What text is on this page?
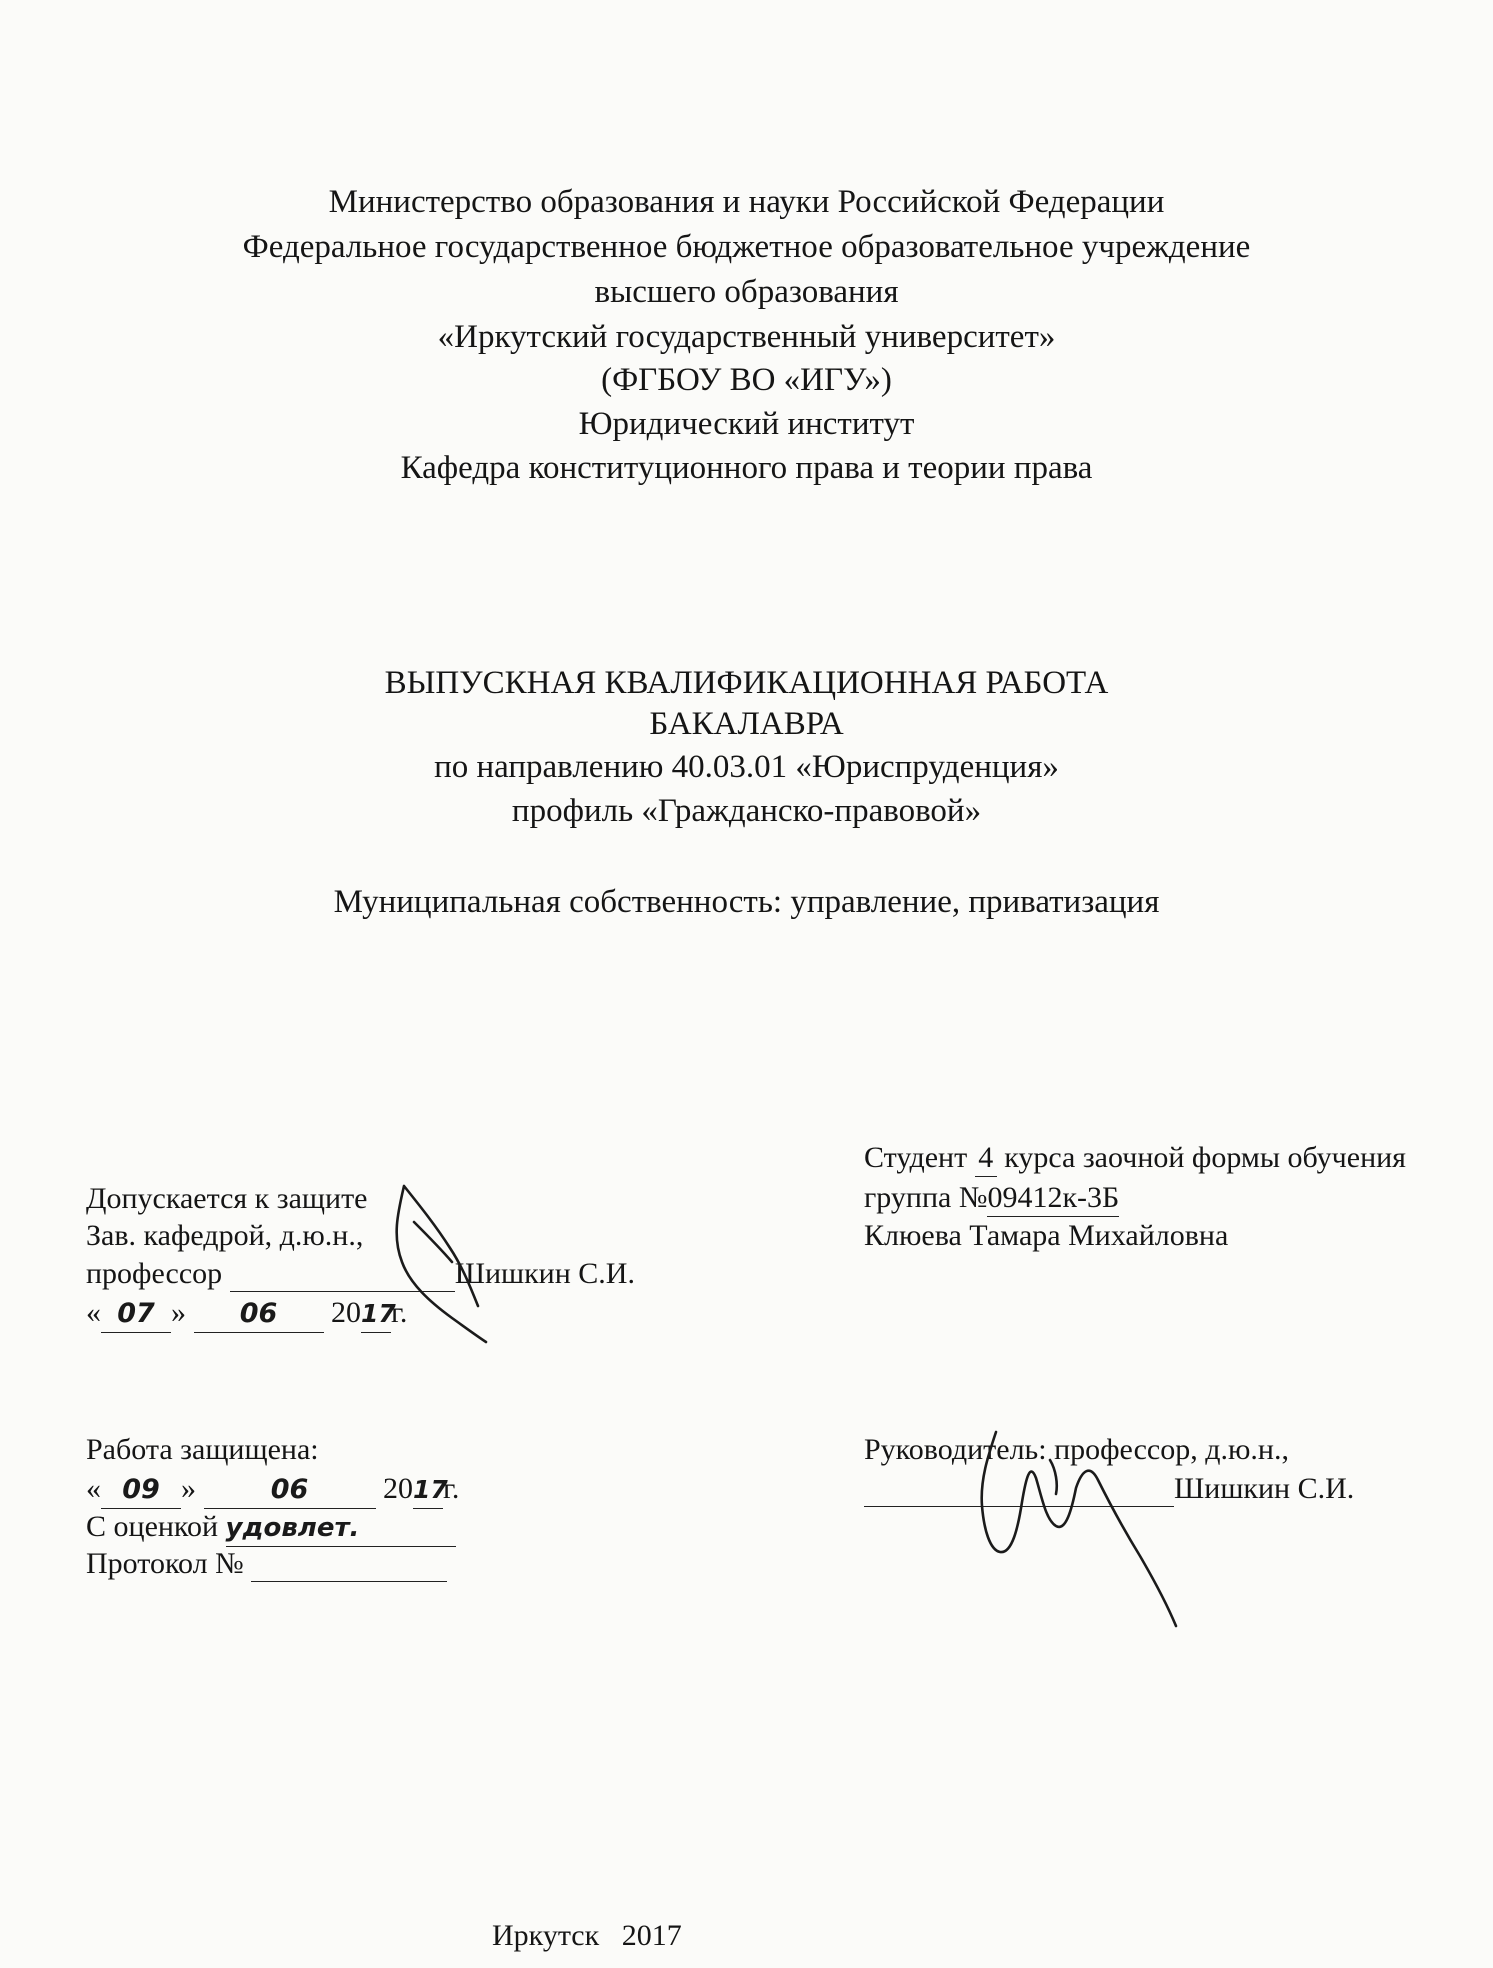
Министерство образования и науки Российской Федерации
Федеральное государственное бюджетное образовательное учреждение
высшего образования
«Иркутский государственный университет»
(ФГБОУ ВО «ИГУ»)
Юридический институт
Кафедра конституционного права и теории права
ВЫПУСКНАЯ КВАЛИФИКАЦИОННАЯ РАБОТА
БАКАЛАВРА
по направлению 40.03.01 «Юриспруденция»
профиль «Гражданско-правовой»
Муниципальная собственность: управление, приватизация
Студент 4 курса заочной формы обучения
группа №09412к-3Б
Клюева Тамара Михайловна
Допускается к защите
Зав. кафедрой, д.ю.н.,
профессор	Шишкин С.И.
« 07 » 06 2017г.
Работа защищена:
« 09 »	06 2017г.
С оценкой удовлет.
Протокол №
Руководитель: профессор, д.ю.н.,
Шишкин С.И.
Иркутск 2017
